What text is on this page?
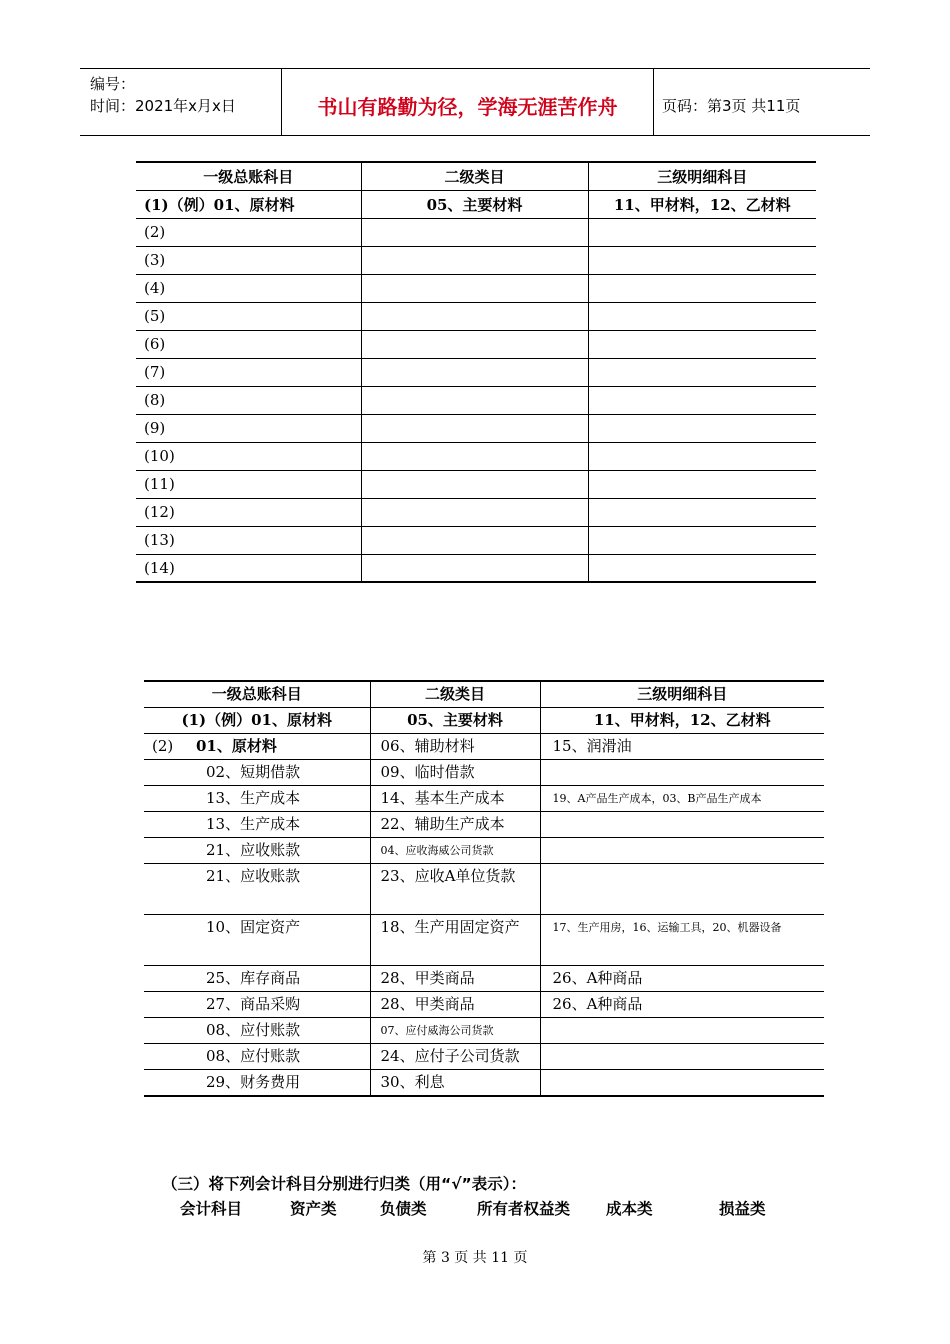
编号：
时间：2021年x月x日	书山有路勤为径，学海无涯苦作舟	页码：第3页 共11页
一级总账科目	二级类目	三级明细科目
(1)（例）01、原材料	05、主要材料	11、甲材料，12、乙材料
(2)		
(3)		
(4)		
(5)		
(6)		
(7)		
(8)		
(9)		
(10)		
(11)		
(12)		
(13)		
(14)		
一级总账科目	二级类目	三级明细科目
(1)（例）01、原材料	05、主要材料	11、甲材料，12、乙材料

(2) 01、原材料	06、辅助材料	15、润滑油
02、短期借款	09、临时借款	
13、生产成本	14、基本生产成本	19、A产品生产成本，03、B产品生产成本
13、生产成本	22、辅助生产成本	
21、应收账款	04、应收海威公司货款	
21、应收账款	23、应收A单位货款	
10、固定资产	18、生产用固定资产	17、生产用房，16、运输工具，20、机器设备
25、库存商品	28、甲类商品	26、A种商品
27、商品采购	28、甲类商品	26、A种商品
08、应付账款	07、应付威海公司货款	
08、应付账款	24、应付子公司货款	
29、财务费用	30、利息	
（三）将下列会计科目分别进行归类（用“√”表示）：
会计科目	资产类	负债类	所有者权益类 成本类	损益类
第 3 页 共 11 页
